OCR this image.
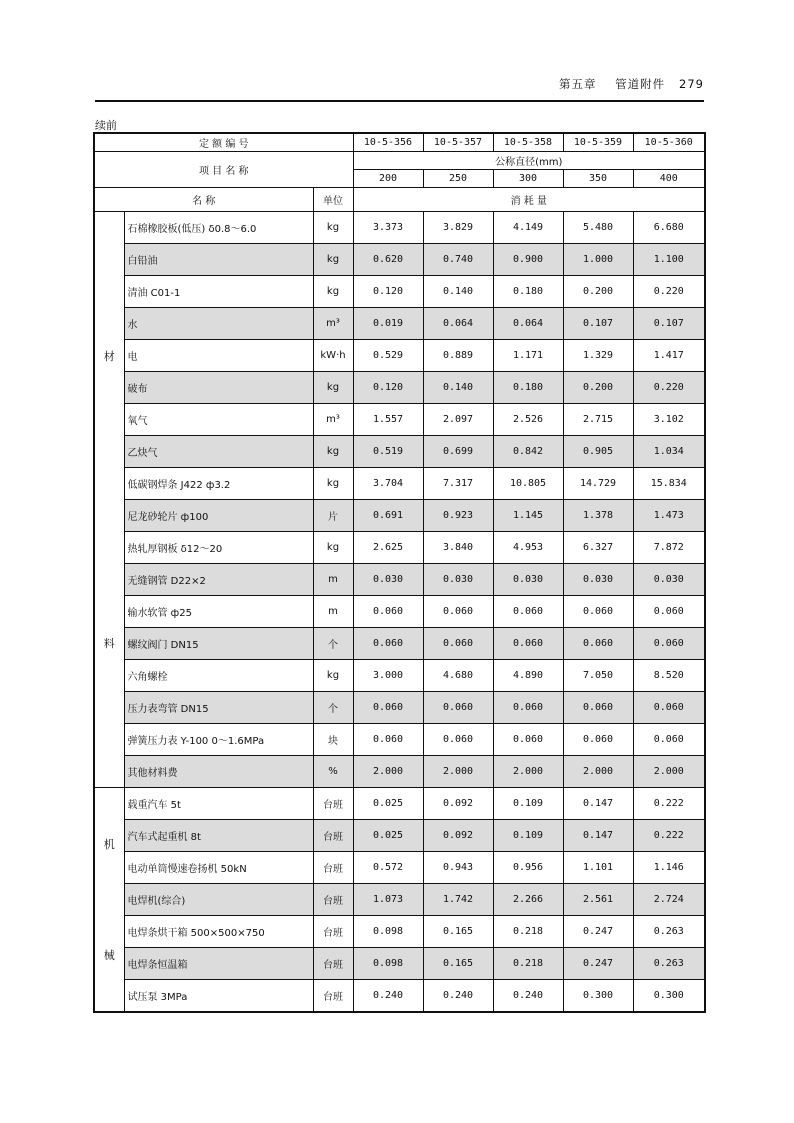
第五章 管道附件 279
续前
定 额 编 号			10-5-356	10-5-357	10-5-358	10-5-359	10-5-360
项 目 名 称			公称直径(mm)				
			200	250	300	350	400
名 称		单位	消 耗 量				

材
料	石棉橡胶板(低压) δ0.8～6.0	kg	3.373	3.829	4.149	5.480	6.680
	白铅油	kg	0.620	0.740	0.900	1.000	1.100
	清油 C01-1	kg	0.120	0.140	0.180	0.200	0.220
	水	m³	0.019	0.064	0.064	0.107	0.107
	电	kW·h	0.529	0.889	1.171	1.329	1.417
	破布	kg	0.120	0.140	0.180	0.200	0.220
	氧气	m³	1.557	2.097	2.526	2.715	3.102
	乙炔气	kg	0.519	0.699	0.842	0.905	1.034
	低碳钢焊条 J422 ф3.2	kg	3.704	7.317	10.805	14.729	15.834
	尼龙砂轮片 ф100	片	0.691	0.923	1.145	1.378	1.473
	热轧厚钢板 δ12～20	kg	2.625	3.840	4.953	6.327	7.872
	无缝钢管 D22×2	m	0.030	0.030	0.030	0.030	0.030
	输水软管 ф25	m	0.060	0.060	0.060	0.060	0.060
	螺纹阀门 DN15	个	0.060	0.060	0.060	0.060	0.060
	六角螺栓	kg	3.000	4.680	4.890	7.050	8.520
	压力表弯管 DN15	个	0.060	0.060	0.060	0.060	0.060
	弹簧压力表 Y-100 0～1.6MPa	块	0.060	0.060	0.060	0.060	0.060
	其他材料费	%	2.000	2.000	2.000	2.000	2.000

机
械	载重汽车 5t	台班	0.025	0.092	0.109	0.147	0.222
	汽车式起重机 8t	台班	0.025	0.092	0.109	0.147	0.222
	电动单筒慢速卷扬机 50kN	台班	0.572	0.943	0.956	1.101	1.146
	电焊机(综合)	台班	1.073	1.742	2.266	2.561	2.724
	电焊条烘干箱 500×500×750	台班	0.098	0.165	0.218	0.247	0.263
	电焊条恒温箱	台班	0.098	0.165	0.218	0.247	0.263
	试压泵 3MPa	台班	0.240	0.240	0.240	0.300	0.300
